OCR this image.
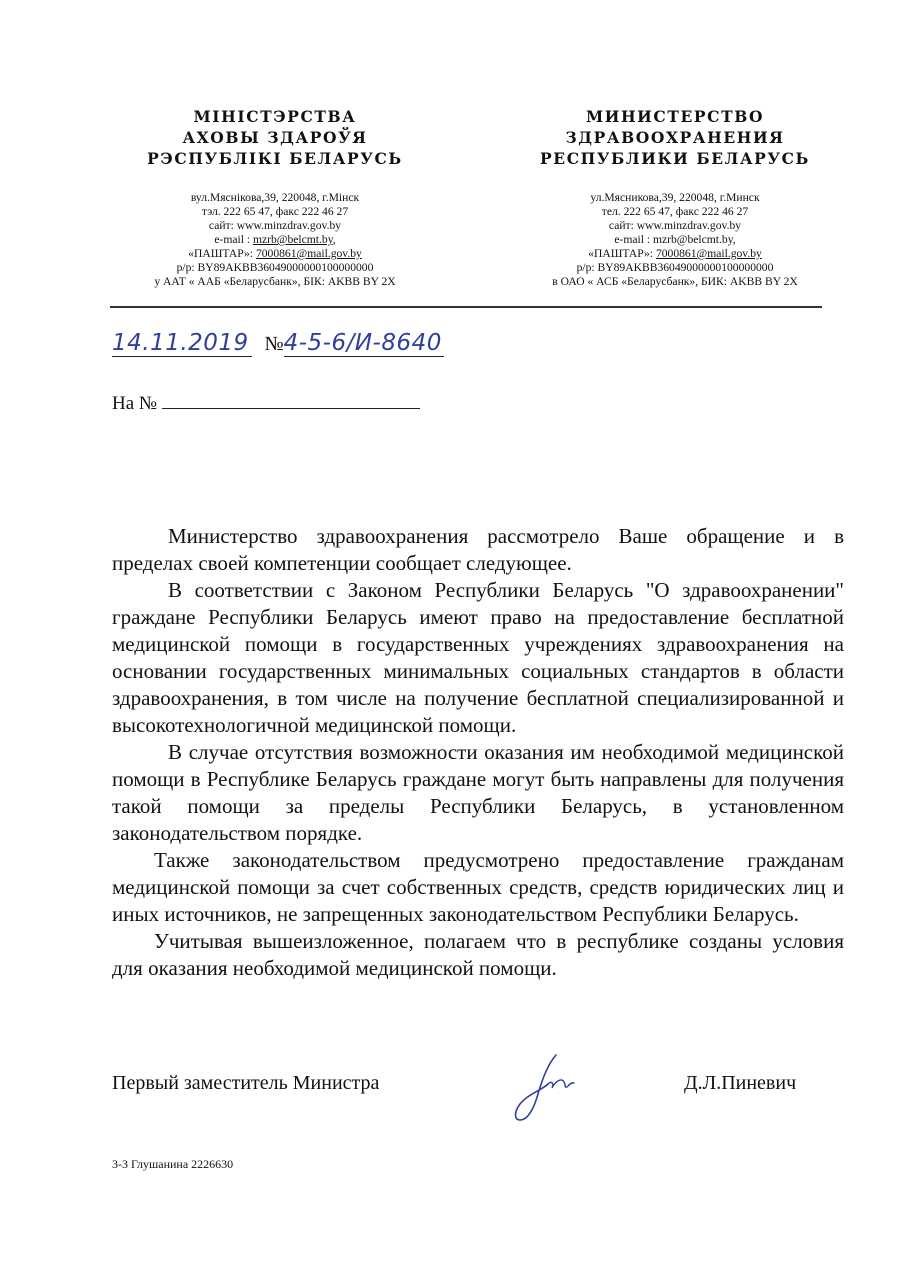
МІНІСТЭРСТВА
АХОВЫ ЗДАРОЎЯ
РЭСПУБЛІКІ БЕЛАРУСЬ
вул.Мяснікова,39, 220048, г.Мінск
тэл. 222 65 47, факс 222 46 27
сайт: www.minzdrav.gov.by
e-mail : mzrb@belcmt.by,
«ПАШТАР»: 7000861@mail.gov.by
р/р: BY89AKBB36049000000100000000
у ААТ « ААБ «Беларусбанк», БІК: AKBB BY 2X
МИНИСТЕРСТВО
ЗДРАВООХРАНЕНИЯ
РЕСПУБЛИКИ БЕЛАРУСЬ
ул.Мясникова,39, 220048, г.Минск
тел. 222 65 47, факс 222 46 27
сайт: www.minzdrav.gov.by
e-mail : mzrb@belcmt.by,
«ПАШТАР»: 7000861@mail.gov.by
р/р: BY89AKBB36049000000100000000
в ОАО « АСБ «Беларусбанк», БИК: AKBB BY 2X
14.11.2019 №4-5-6/И-8640
На №

Министерство здравоохранения рассмотрело Ваше обращение и в пределах своей компетенции сообщает следующее.

В соответствии с Законом Республики Беларусь "О здравоохранении" граждане Республики Беларусь имеют право на предоставление бесплатной медицинской помощи в государственных учреждениях здравоохранения на основании государственных минимальных социальных стандартов в области здравоохранения, в том числе на получение бесплатной специализированной и высокотехнологичной медицинской помощи.

В случае отсутствия возможности оказания им необходимой медицинской помощи в Республике Беларусь граждане могут быть направлены для получения такой помощи за пределы Республики Беларусь, в установленном законодательством порядке.

Также законодательством предусмотрено предоставление гражданам медицинской помощи за счет собственных средств, средств юридических лиц и иных источников, не запрещенных законодательством Республики Беларусь.

Учитывая вышеизложенное, полагаем что в республике созданы условия для оказания необходимой медицинской помощи.

Первый заместитель Министра	Д.Л.Пиневич
3-3 Глушанина 2226630
